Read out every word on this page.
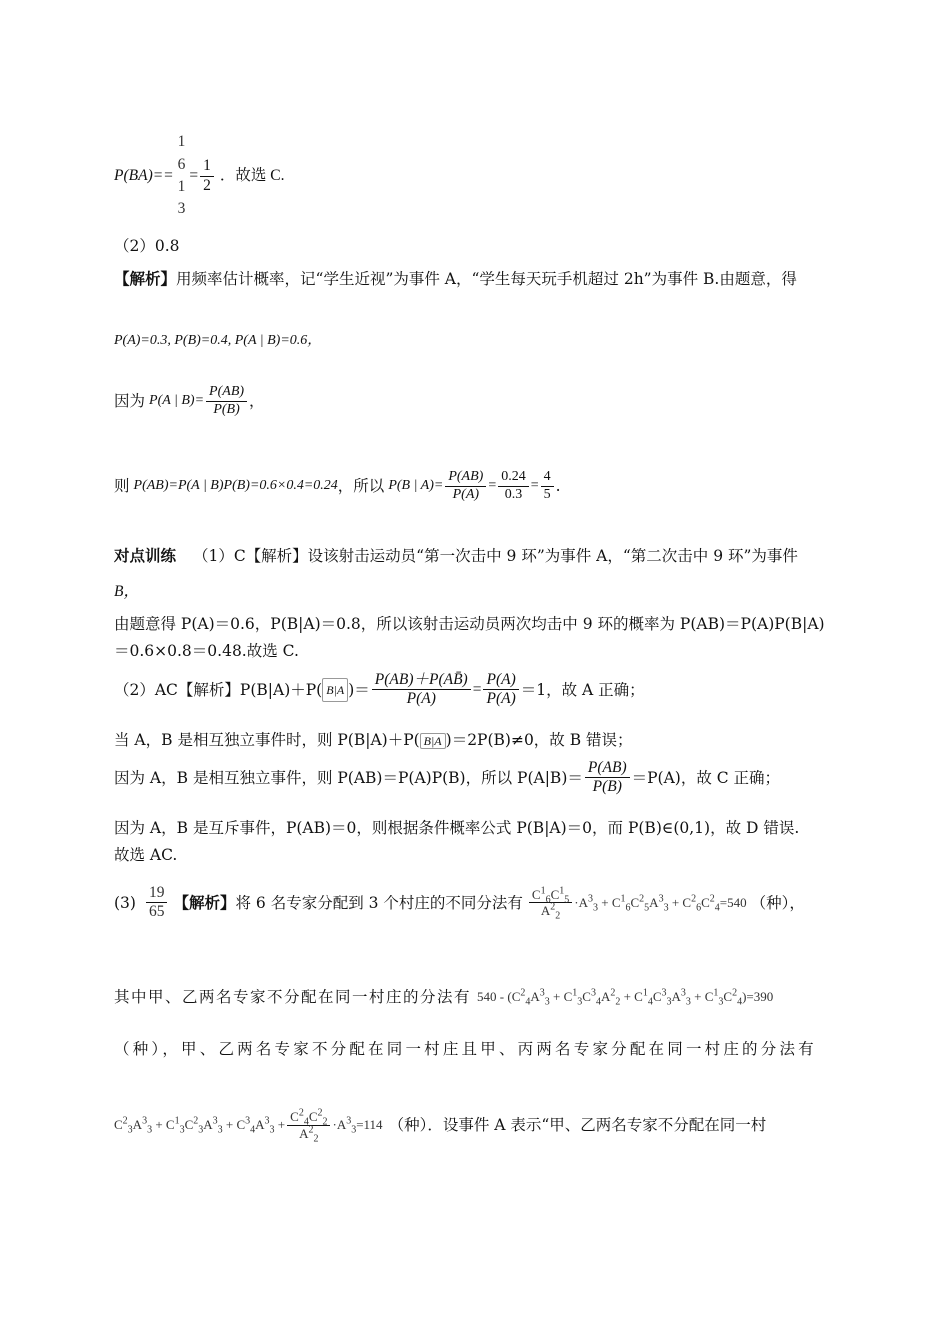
P(BA)==
1
6
1
3
= $\frac{1}{2}$ ．故选 C.
（2）0.8
【解析】用频率估计概率，记“学生近视”为事件 A，“学生每天玩手机超过 2h”为事件 B.由题意，得
P(A)=0.3, P(B)=0.4, P(A | B)=0.6，
因为 P(A | $B)= \frac{P(AB)}{P(B)}$ ，
则 P(AB)=P(A | B)P(B)=0.6×0.4=0.24 ，所以 P(B | $A)= \frac{P(AB)}{P(A)} = \frac{0.24}{0.3} = \frac{4}{5}$ .
对点训练 （1）C【解析】设该射击运动员“第一次击中 9 环”为事件 A，“第二次击中 9 环”为事件
B，
由题意得 P(A)＝0.6，P(B|A)＝0.8，所以该射击运动员两次均击中 9 环的概率为 P(AB)＝P(A)P(B|A)
＝0.6×0.8＝0.48.故选 C.
（2）AC【解析】P(B|A)＋P( B|A )＝ $\frac{P(AB)+P(AB̄)}{P(A)} = \frac{P(A)}{P(A)} =1$，故 A 正确；
当 A，B 是相互独立事件时，则 P(B|A)＋P( B|A )＝2P(B)≠0，故 B 错误；
因为 A，B 是相互独立事件，则 P(AB)＝P(A)P(B)，所以 $P(A|B)= \frac{P(AB)}{P(B)} =P(A)$，故 C 正确；
因为 A，B 是互斥事件，P(AB)＝0，则根据条件概率公式 P(B|A)＝0，而 P(B)∈(0,1)，故 D 错误.
故选 AC.
$(3) \frac{19}{65}$ 【解析】 将 6 名专家分配到 3 个村庄的不同分法有 $\frac{C^1_6C^1_5}{A^2_2} \cdot A^3_3 + C^1_6C^2_5A^3_3 + C^2_6C^2_4 =540$ （种），
其中甲、乙两名专家不分配在同一村庄的分法有 $540 - (C^2_4A^3_3 + C^1_3C^3_4A^2_2 + C^1_4C^3_3A^3_3 + C^1_3C^2_4)=390$
（种），甲、乙两名专家不分配在同一村庄且甲、丙两名专家分配在同一村庄的分法有
$C^2_3A^3_3 + C^1_3C^2_3A^3_3 + C^3_4A^3_3 + \frac{C^2_4C^2_2}{A^2_2} \cdot A^3_3 =114$ （种）．设事件 A 表示“甲、乙两名专家不分配在同一村
